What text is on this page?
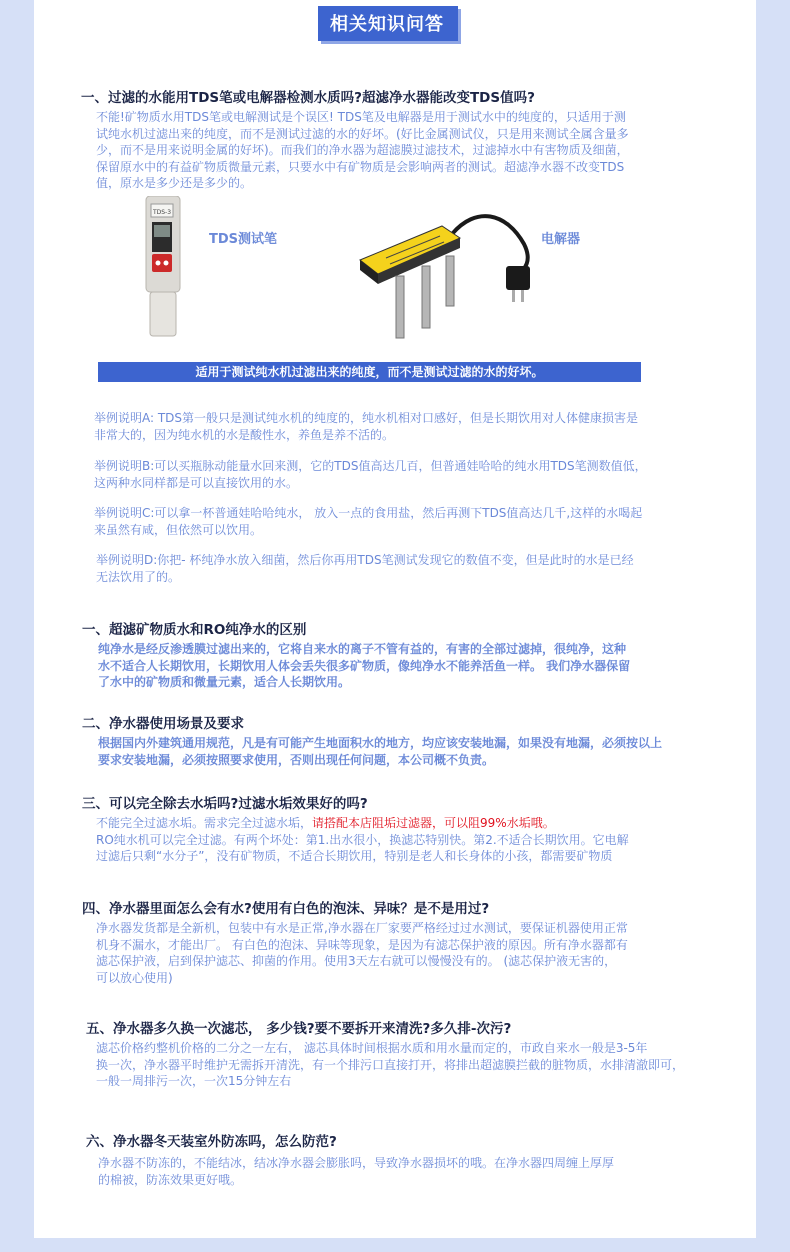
相关知识问答
一、过滤的水能用TDS笔或电解器检测水质吗?超滤净水器能改变TDS值吗?
不能!矿物质水用TDS笔或电解测试是个误区! TDS笔及电解器是用于测试水中的纯度的，只适用于测
试纯水机过滤出来的纯度，而不是测试过滤的水的好坏。(好比金属测试仪，只是用来测试全属含量多
少，而不是用来说明金属的好坏)。而我们的净水器为超滤膜过滤技术，过滤掉水中有害物质及细菌，
保留原水中的有益矿物质微量元素，只要水中有矿物质是会影响两者的测试。超滤净水器不改变TDS
值，原水是多少还是多少的。
TDS-3
TDS测试笔	电解器
适用于测试纯水机过滤出来的纯度，而不是测试过滤的水的好坏。
举例说明A: TDS第一般只是测试纯水机的纯度的，纯水机相对口感好，但是长期饮用对人体健康损害是
非常大的，因为纯水机的水是酸性水，养鱼是养不活的。
举例说明B:可以买瓶脉动能量水回来测，它的TDS值高达几百，但普通娃哈哈的纯水用TDS笔测数值低，
这两种水同样都是可以直接饮用的水。
举例说明C:可以拿一杯普通娃哈哈纯水， 放入一点的食用盐，然后再测下TDS值高达几千,这样的水喝起
来虽然有咸，但依然可以饮用。
举例说明D:你把- 杯纯净水放入细菌，然后你再用TDS笔测试发现它的数值不变，但是此时的水是已经
无法饮用了的。
一、超滤矿物质水和RO纯净水的区别
纯净水是经反渗透膜过滤出来的，它将自来水的离子不管有益的，有害的全部过滤掉，很纯净，这种
水不适合人长期饮用，长期饮用人体会丢失很多矿物质，像纯净水不能养活鱼一样。 我们净水器保留
了水中的矿物质和微量元素，适合人长期饮用。
二、净水器使用场景及要求
根据国内外建筑通用规范，凡是有可能产生地面积水的地方，均应该安装地漏，如果没有地漏，必须按以上
要求安装地漏，必须按照要求使用，否则出现任何问题，本公司概不负责。
三、可以完全除去水垢吗?过滤水垢效果好的吗?
不能完全过滤水垢。需求完全过滤水垢，请搭配本店阻垢过滤器，可以阻99%水垢哦。
RO纯水机可以完全过滤。有两个坏处：第1.出水很小，换滤芯特别快。第2.不适合长期饮用。它电解
过滤后只剩“水分子”，没有矿物质，不适合长期饮用，特别是老人和长身体的小孩，都需要矿物质
四、净水器里面怎么会有水?使用有白色的泡沫、异味？是不是用过?
净水器发货都是全新机，包装中有水是正常,净水器在厂家要严格经过过水测试，要保证机器使用正常
机身不漏水，才能出厂。 有白色的泡沫、异味等现象，是因为有滤芯保护液的原因。所有净水器都有
滤芯保护液，启到保护滤芯、抑菌的作用。使用3天左右就可以慢慢没有的。 (滤芯保护液无害的，
可以放心使用)
五、净水器多久换一次滤芯， 多少钱?要不要拆开来清洗?多久排-次污?
滤芯价格约整机价格的二分之一左右， 滤芯具体时间根据水质和用水量而定的，市政自来水一般是3-5年
换一次，净水器平时维护无需拆开清洗，有一个排污口直接打开，将排出超滤膜拦截的脏物质，水排清澈即可，
一般一周排污一次，一次15分钟左右
六、净水器冬天装室外防冻吗，怎么防范?
净水器不防冻的，不能结冰，结冰净水器会膨胀吗，导致净水器损坏的哦。在净水器四周缠上厚厚
的棉被，防冻效果更好哦。
